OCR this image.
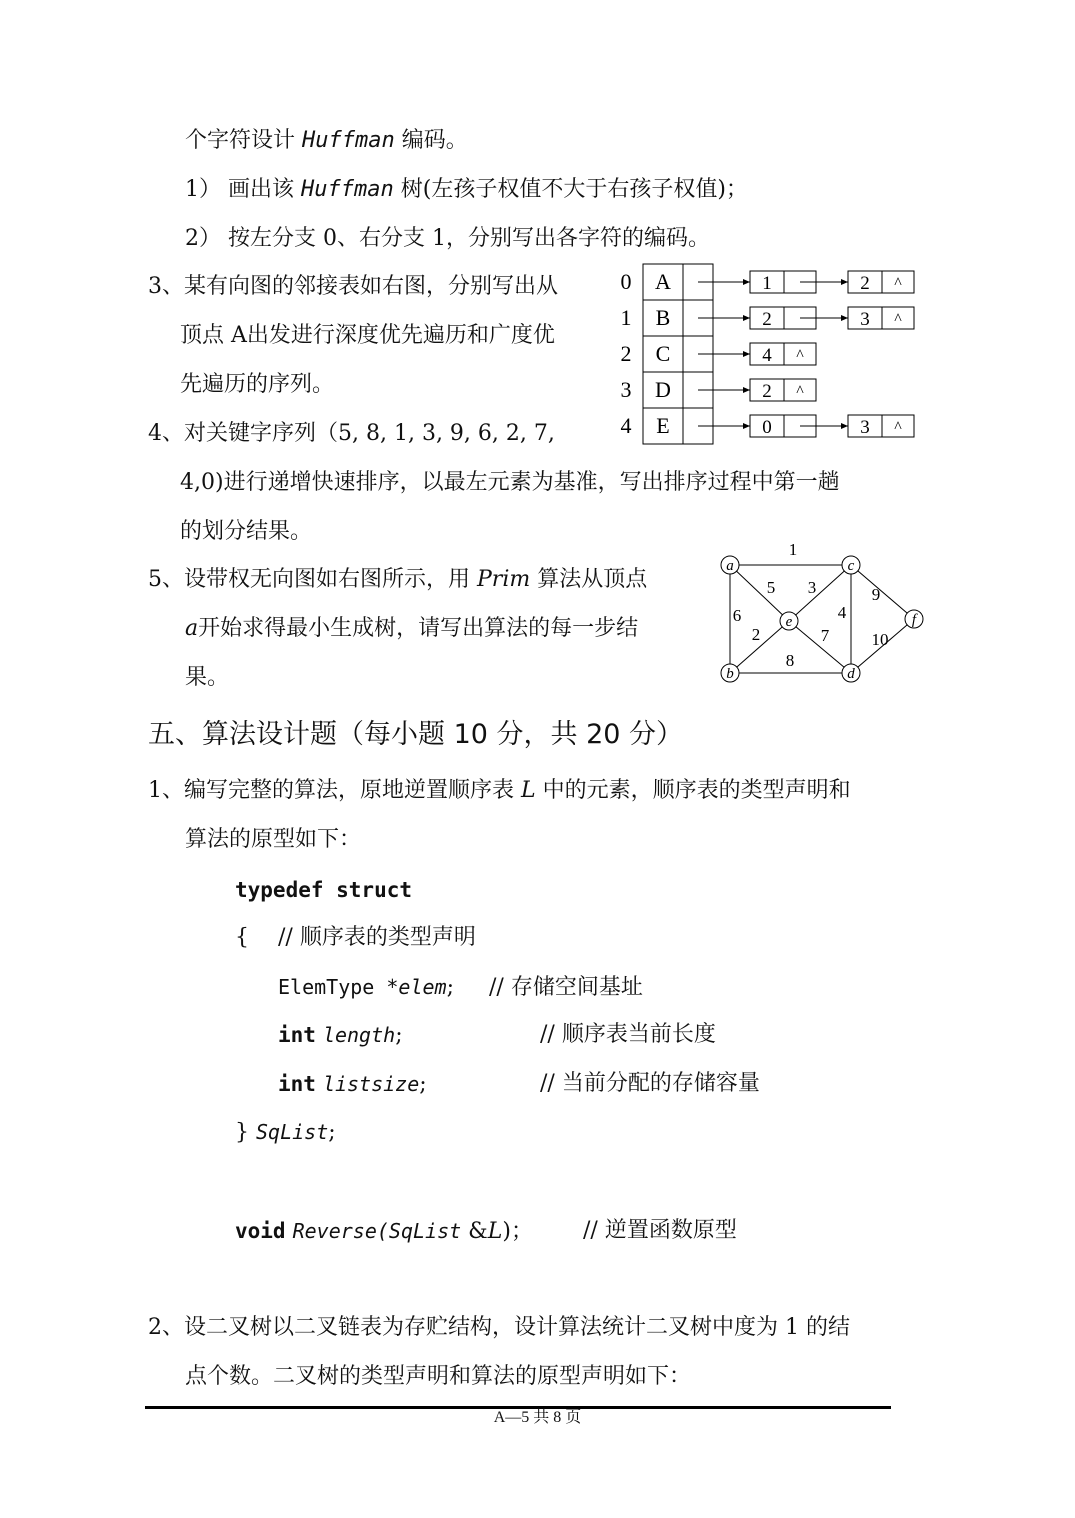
个字符设计 Huffman 编码。
1） 画出该 Huffman 树(左孩子权值不大于右孩子权值)；
2） 按左分支 0、右分支 1，分别写出各字符的编码。
3、某有向图的邻接表如右图，分别写出从
顶点 A出发进行深度优先遍历和广度优
先遍历的序列。
0 A	1	2 ^
1 B	2	3 ^
2 C	4 ^
3 D	2 ^
4 E	0	3 ^
4、对关键字序列（5, 8, 1, 3, 9, 6, 2, 7,
4,0)进行递增快速排序，以最左元素为基准，写出排序过程中第一趟
的划分结果。
5、设带权无向图如右图所示，用 Prim 算法从顶点
a开始求得最小生成树，请写出算法的每一步结
果。
1
5 3	9
6	4
2	7 10
8
a	c
e	f
b	d
五、算法设计题（每小题 10 分，共 20 分）
1、编写完整的算法，原地逆置顺序表 L 中的元素，顺序表的类型声明和
算法的原型如下：
typedef struct
{ // 顺序表的类型声明
ElemType *elem; // 存储空间基址
int length;	// 顺序表当前长度
int listsize;	// 当前分配的存储容量
} SqList;
void Reverse(SqList &L)； // 逆置函数原型
2、设二叉树以二叉链表为存贮结构，设计算法统计二叉树中度为 1 的结
点个数。二叉树的类型声明和算法的原型声明如下：
A—5 共 8 页
